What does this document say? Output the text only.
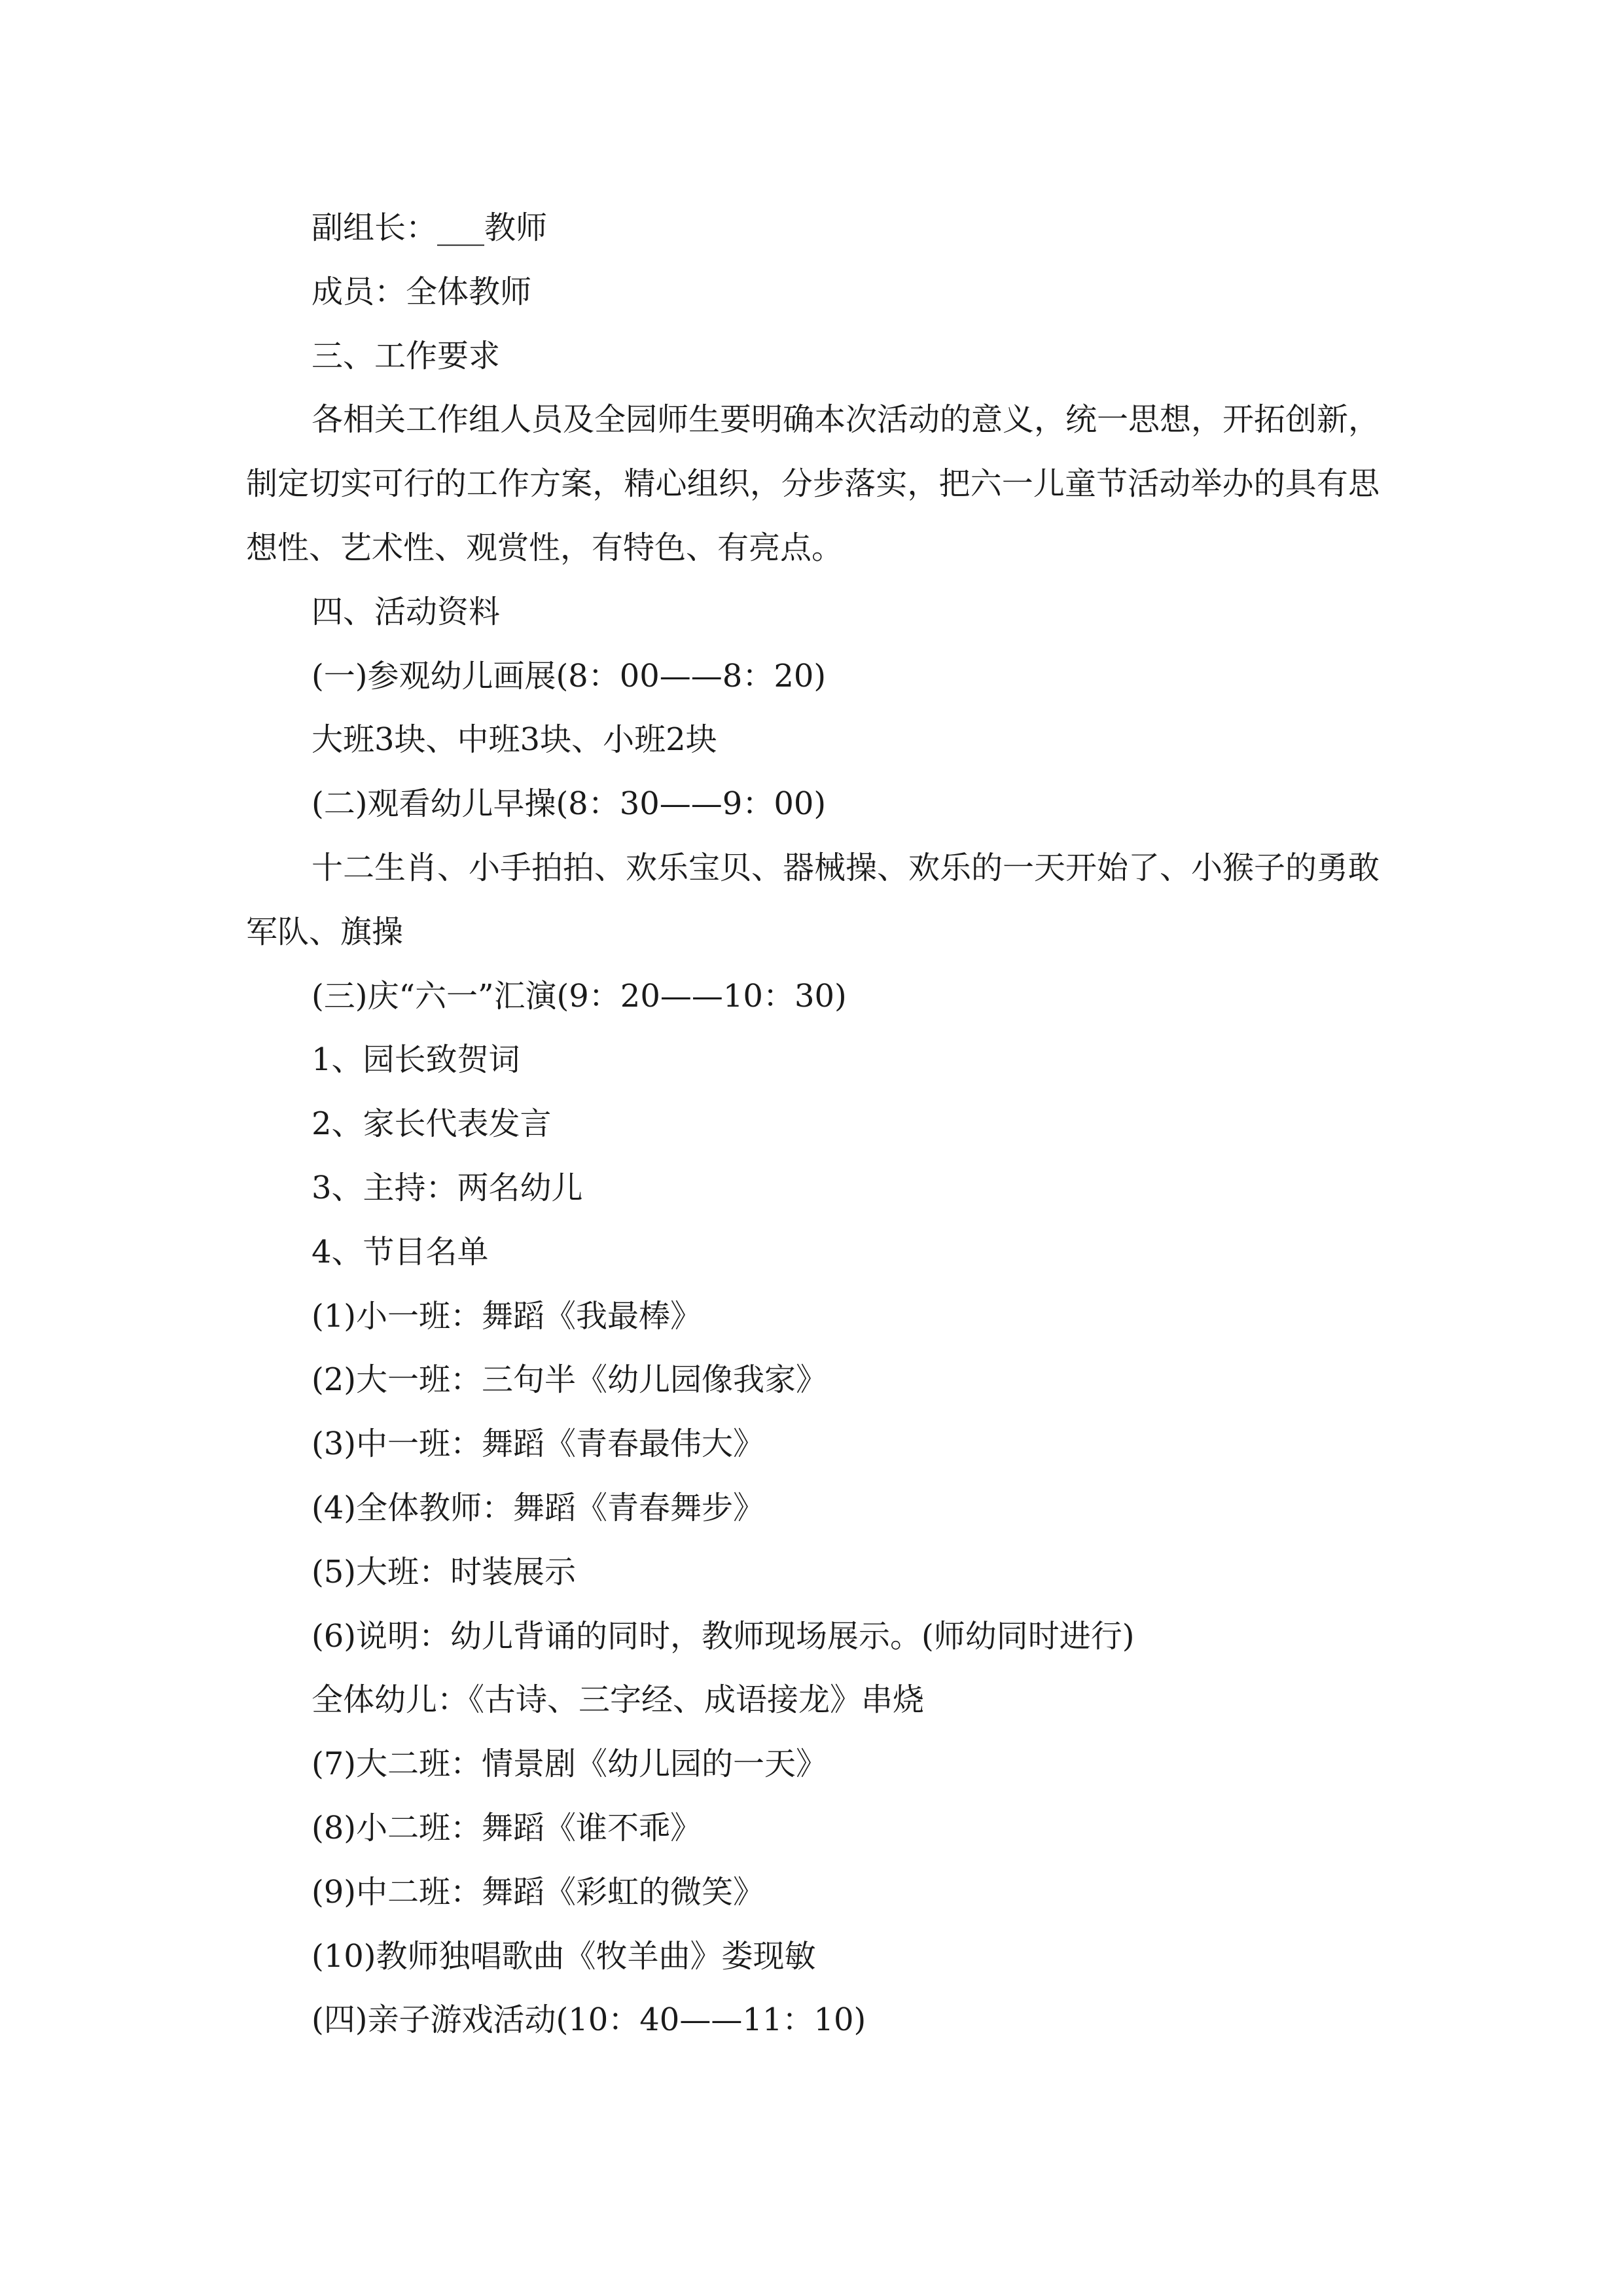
副组长：___教师

成员：全体教师

三、工作要求

各相关工作组人员及全园师生要明确本次活动的意义，统一思想，开拓创新，制定切实可行的工作方案，精心组织，分步落实，把六一儿童节活动举办的具有思想性、艺术性、观赏性，有特色、有亮点。

四、活动资料

(一)参观幼儿画展(8：00——8：20)

大班3块、中班3块、小班2块

(二)观看幼儿早操(8：30——9：00)

十二生肖、小手拍拍、欢乐宝贝、器械操、欢乐的一天开始了、小猴子的勇敢军队、旗操

(三)庆“六一”汇演(9：20——10：30)

1、园长致贺词

2、家长代表发言

3、主持：两名幼儿

4、节目名单

(1)小一班：舞蹈《我最棒》

(2)大一班：三句半《幼儿园像我家》

(3)中一班：舞蹈《青春最伟大》

(4)全体教师：舞蹈《青春舞步》

(5)大班：时装展示

(6)说明：幼儿背诵的同时，教师现场展示。(师幼同时进行)

全体幼儿：《古诗、三字经、成语接龙》串烧

(7)大二班：情景剧《幼儿园的一天》

(8)小二班：舞蹈《谁不乖》

(9)中二班：舞蹈《彩虹的微笑》

(10)教师独唱歌曲《牧羊曲》娄现敏

(四)亲子游戏活动(10：40——11：10)
